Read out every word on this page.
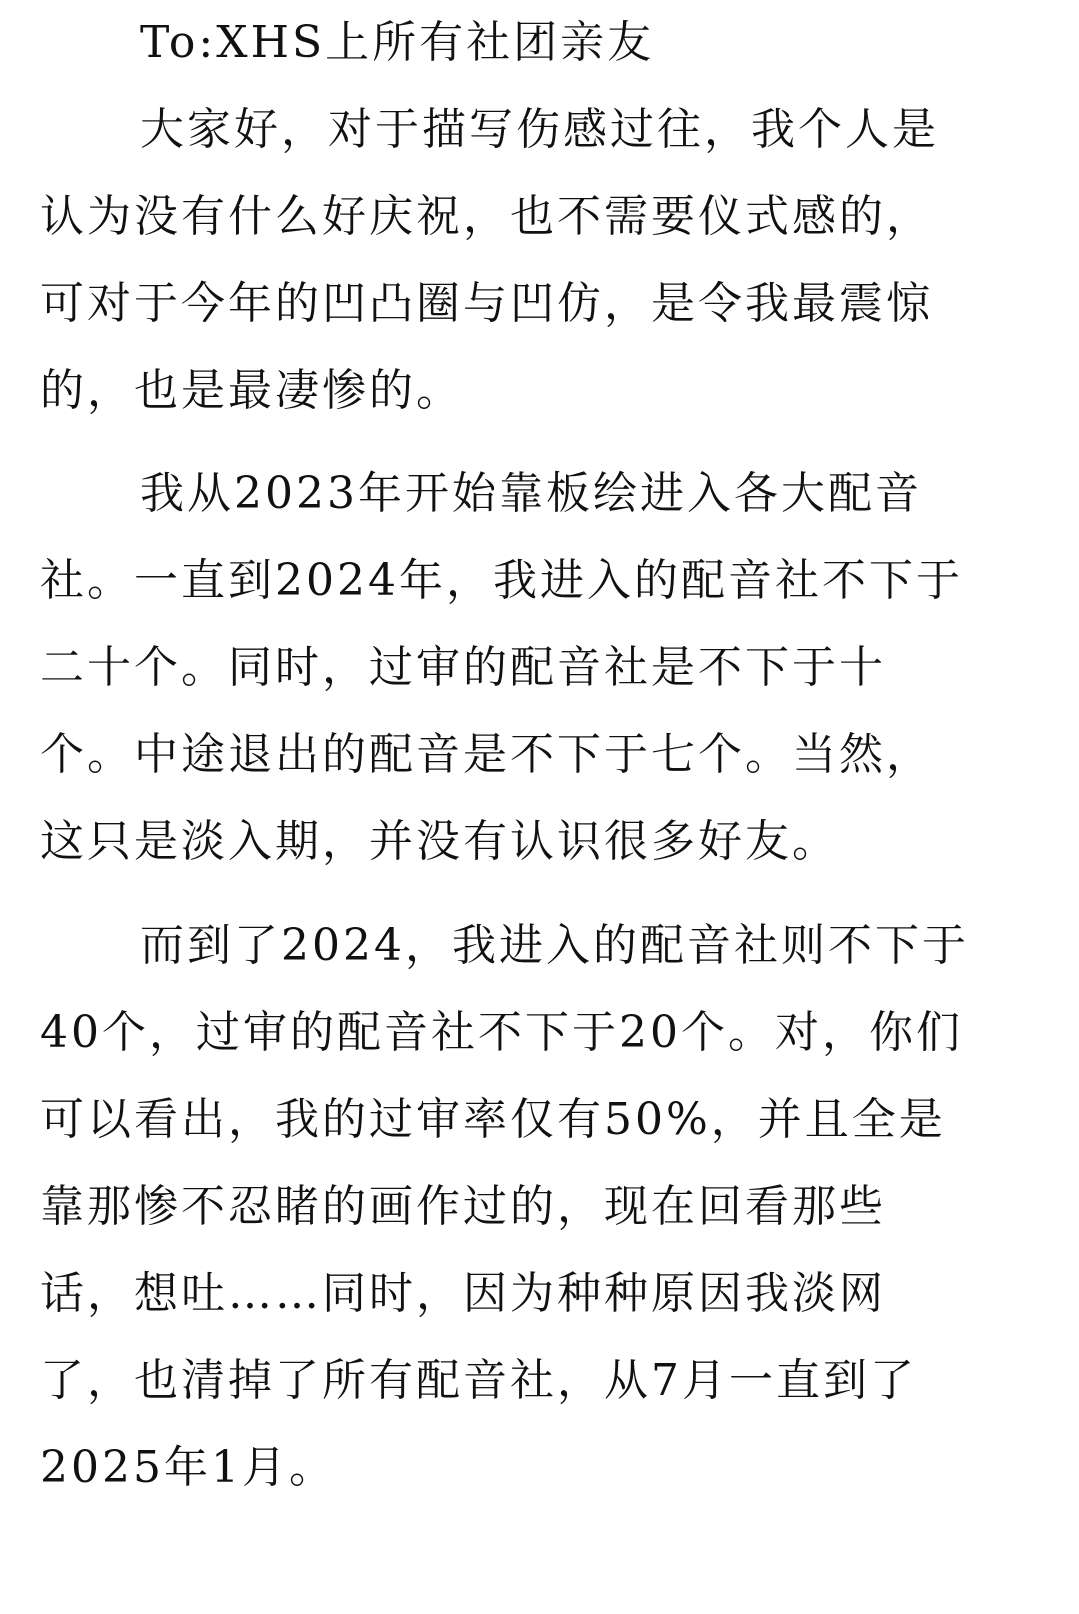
To:XHS上所有社团亲友
大家好，对于描写伤感过往，我个人是
认为没有什么好庆祝，也不需要仪式感的，
可对于今年的凹凸圈与凹仿，是令我最震惊
的，也是最凄惨的。
我从2023年开始靠板绘进入各大配音
社。一直到2024年，我进入的配音社不下于
二十个。同时，过审的配音社是不下于十
个。中途退出的配音是不下于七个。当然，
这只是淡入期，并没有认识很多好友。
而到了2024，我进入的配音社则不下于
40个，过审的配音社不下于20个。对，你们
可以看出，我的过审率仅有50%，并且全是
靠那惨不忍睹的画作过的，现在回看那些
话，想吐……同时，因为种种原因我淡网
了，也清掉了所有配音社，从7月一直到了
2025年1月。
